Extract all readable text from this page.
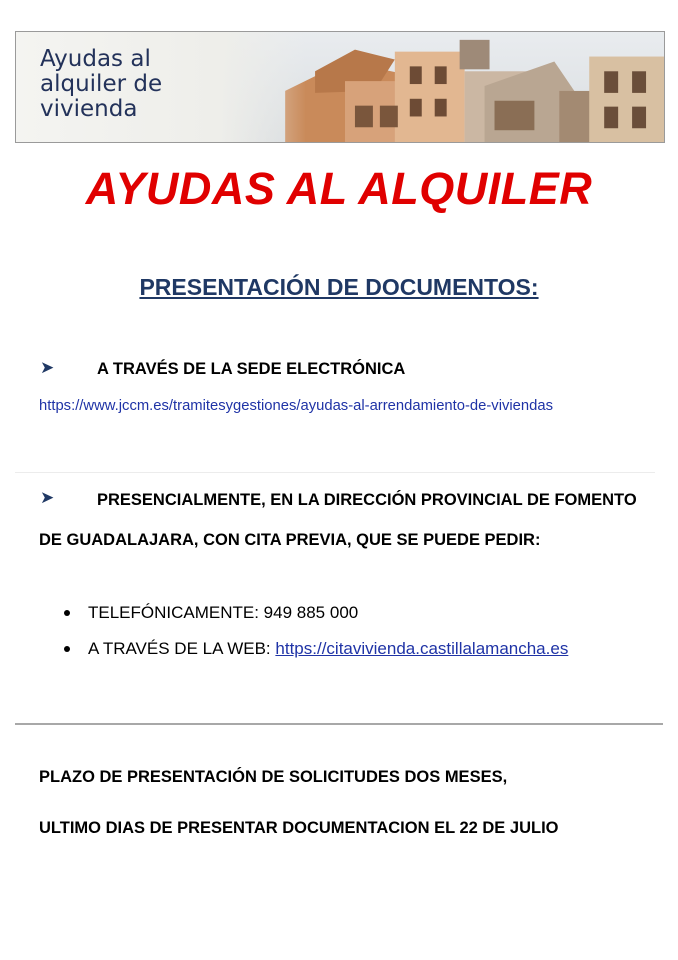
Ayudas al
alquiler de
vivienda
AYUDAS AL ALQUILER
PRESENTACIÓN DE DOCUMENTOS:
➤	A TRAVÉS DE LA SEDE ELECTRÓNICA
https://www.jccm.es/tramitesygestiones/ayudas-al-arrendamiento-de-viviendas
➤	PRESENCIALMENTE, EN LA DIRECCIÓN PROVINCIAL DE FOMENTO
DE GUADALAJARA, CON CITA PREVIA, QUE SE PUEDE PEDIR:
TELEFÓNICAMENTE: 949 885 000
A TRAVÉS DE LA WEB: https://citavivienda.castillalamancha.es
PLAZO DE PRESENTACIÓN DE SOLICITUDES DOS MESES,
ULTIMO DIAS DE PRESENTAR DOCUMENTACION EL 22 DE JULIO
